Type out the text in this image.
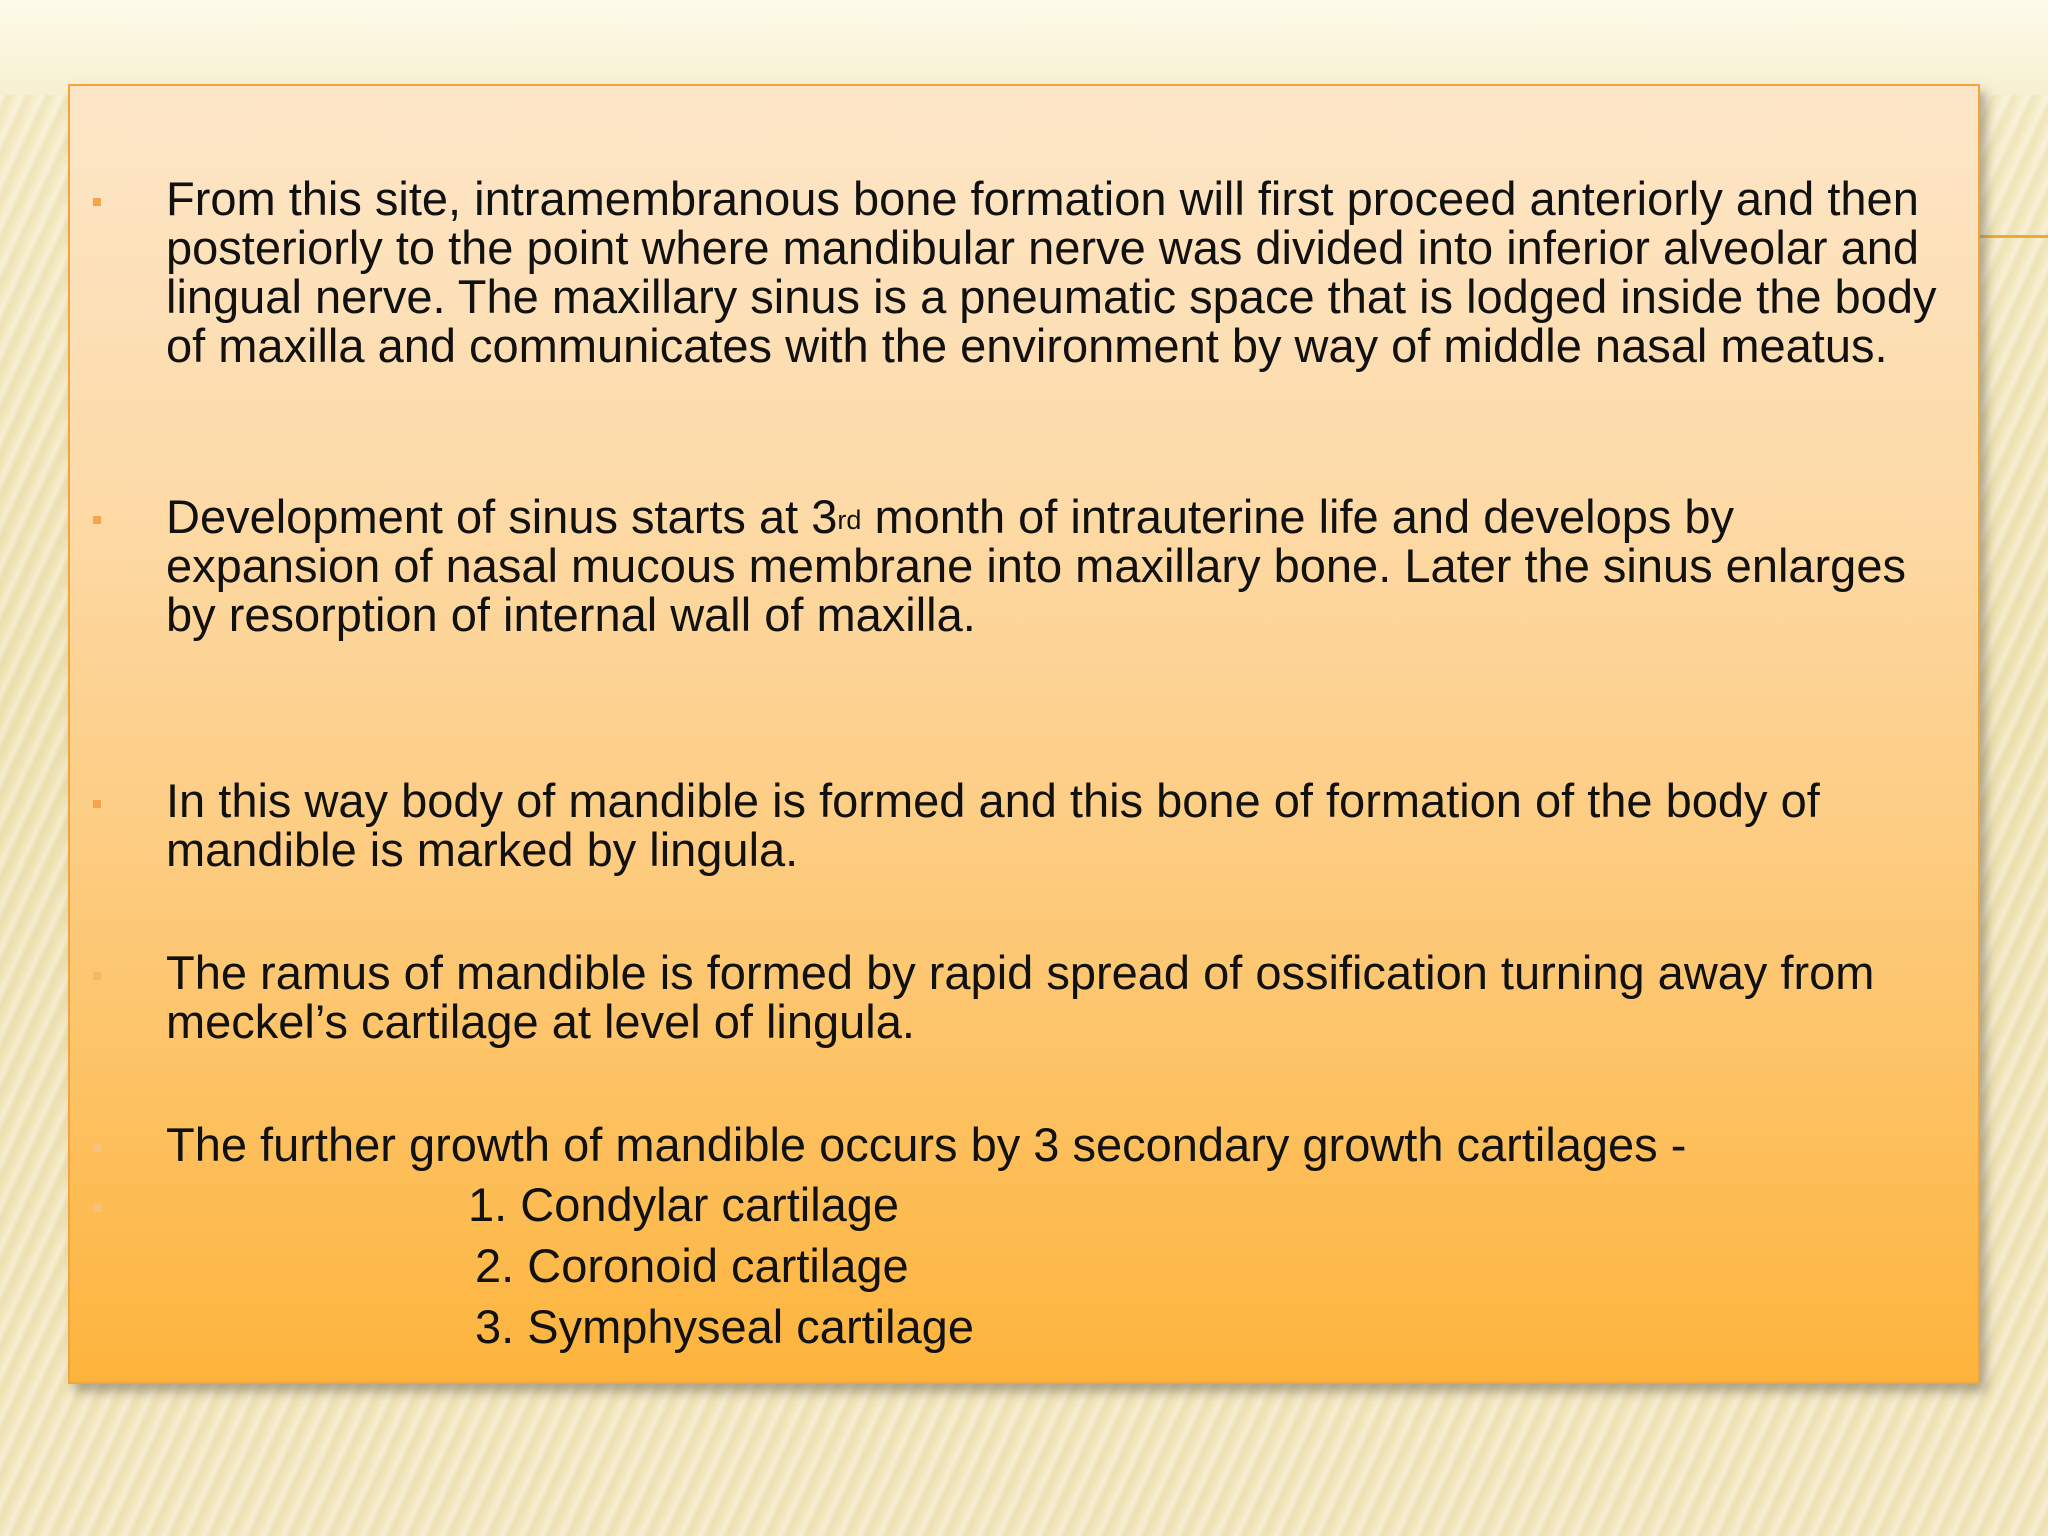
From this site, intramembranous bone formation will first proceed anteriorly and then posteriorly to the point where mandibular nerve was divided into inferior alveolar and lingual nerve. The maxillary sinus is a pneumatic space that is lodged inside the body of maxilla and communicates with the environment by way of middle nasal meatus.
Development of sinus starts at 3rd month of intrauterine life and develops by expansion of nasal mucous membrane into maxillary bone. Later the sinus enlarges by resorption of internal wall of maxilla.
In this way body of mandible is formed and this bone of formation of the body of mandible is marked by lingula.
The ramus of mandible is formed by rapid spread of ossification turning away from meckel’s cartilage at level of lingula.
The further growth of mandible occurs by 3 secondary growth cartilages -
1. Condylar cartilage
2. Coronoid cartilage
3. Symphyseal cartilage
